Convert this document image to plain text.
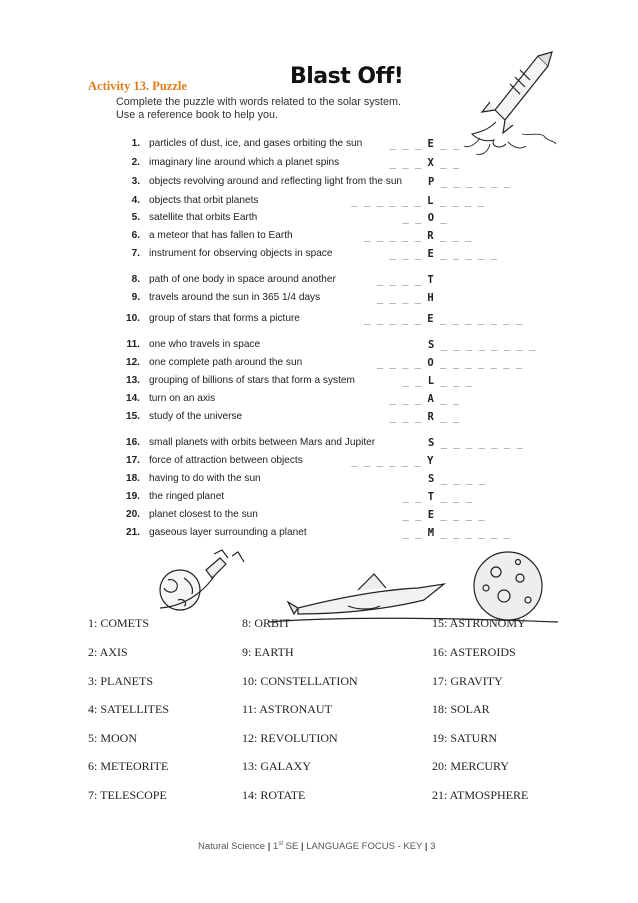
Activity 13. Puzzle	Blast Off!
Complete the puzzle with words related to the solar system.
Use a reference book to help you.
1. particles of dust, ice, and gases orbiting the sun	_ _ _ E _ _
2. imaginary line around which a planet spins	_ _ _ X _ _
3. objects revolving around and reflecting light from the sun P _ _ _ _ _ _
4. objects that orbit planets	_ _ _ _ _ _ L _ _ _ _
5. satellite that orbits Earth	_ _ O _
6. a meteor that has fallen to Earth	_ _ _ _ _ R _ _ _
7. instrument for observing objects in space	_ _ _ E _ _ _ _ _
8. path of one body in space around another	_ _ _ _ T
9. travels around the sun in 365 1/4 days	_ _ _ _ H
10. group of stars that forms a picture	_ _ _ _ _ E _ _ _ _ _ _ _
11. one who travels in space	S _ _ _ _ _ _ _ _
12. one complete path around the sun	_ _ _ _ O _ _ _ _ _ _ _
13. grouping of billions of stars that form a system	_ _ L _ _ _
14. turn on an axis	_ _ _ A _ _
15. study of the universe	_ _ _ R _ _
16. small planets with orbits between Mars and Jupiter	S _ _ _ _ _ _ _
17. force of attraction between objects	_ _ _ _ _ _ Y
18. having to do with the sun	S _ _ _ _
19. the ringed planet	_ _ T _ _ _
20. planet closest to the sun	_ _ E _ _ _ _
21. gaseous layer surrounding a planet	_ _ M _ _ _ _ _ _
1: COMETS
2: AXIS
3: PLANETS
4: SATELLITES
5: MOON
6: METEORITE
7: TELESCOPE
8: ORBIT
9: EARTH
10: CONSTELLATION
11: ASTRONAUT
12: REVOLUTION
13: GALAXY
14: ROTATE
15: ASTRONOMY
16: ASTEROIDS
17: GRAVITY
18: SOLAR
19: SATURN
20: MERCURY
21: ATMOSPHERE
Natural Science | 1st SE | LANGUAGE FOCUS - KEY | 3
